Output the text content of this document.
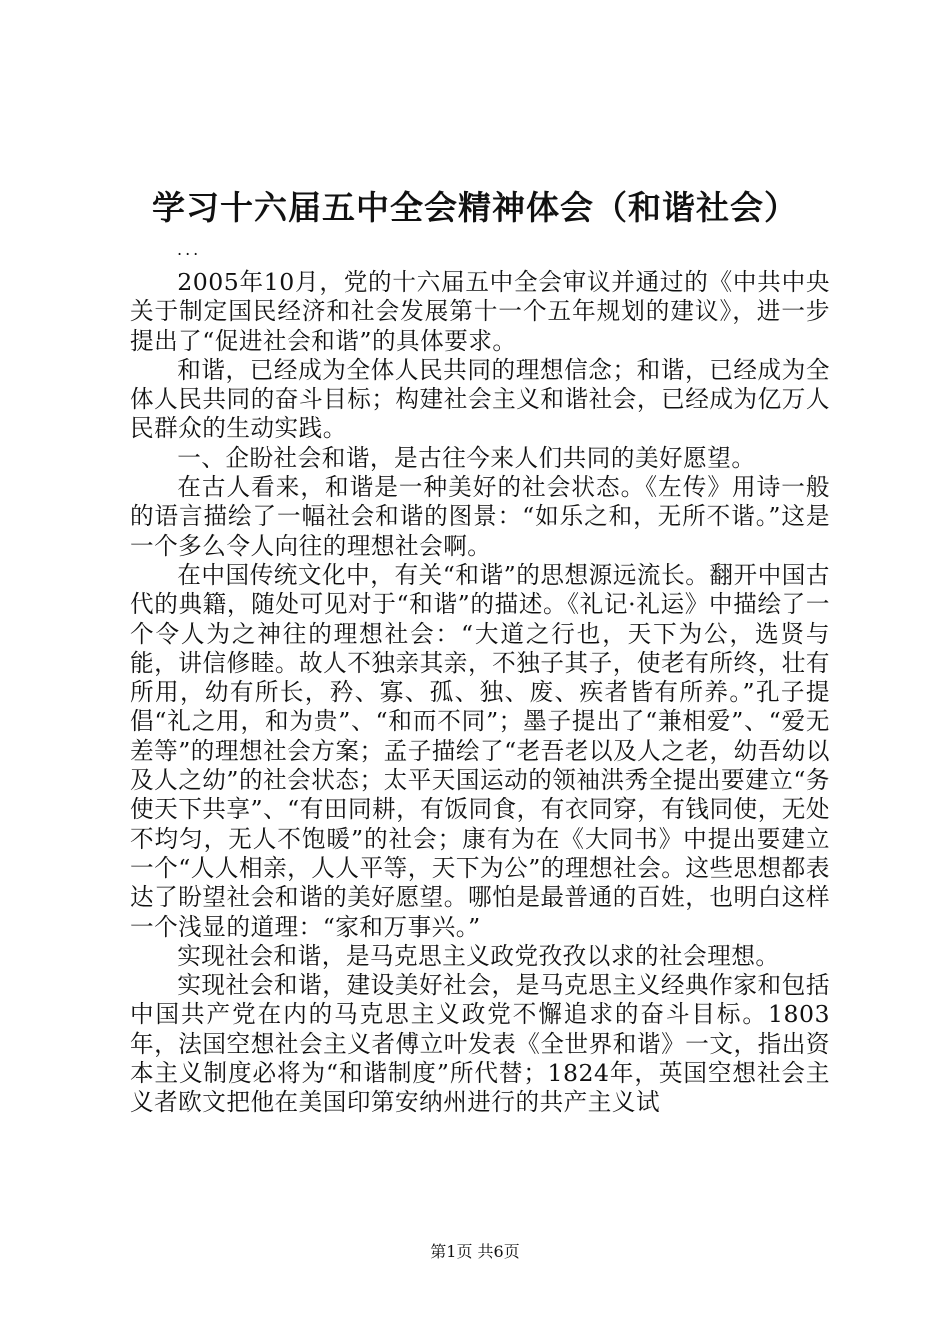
学习十六届五中全会精神体会（和谐社会）
...

2005年10月，党的十六届五中全会审议并通过的《中共中央关于制定国民经济和社会发展第十一个五年规划的建议》，进一步提出了“促进社会和谐”的具体要求。

和谐，已经成为全体人民共同的理想信念；和谐，已经成为全体人民共同的奋斗目标；构建社会主义和谐社会，已经成为亿万人民群众的生动实践。

一、企盼社会和谐，是古往今来人们共同的美好愿望。

在古人看来，和谐是一种美好的社会状态。《左传》用诗一般的语言描绘了一幅社会和谐的图景：“如乐之和，无所不谐。”这是一个多么令人向往的理想社会啊。

在中国传统文化中，有关“和谐”的思想源远流长。翻开中国古代的典籍，随处可见对于“和谐”的描述。《礼记·礼运》中描绘了一个令人为之神往的理想社会：“大道之行也，天下为公，选贤与能，讲信修睦。故人不独亲其亲，不独子其子，使老有所终，壮有所用，幼有所长，矜、寡、孤、独、废、疾者皆有所养。”孔子提倡“礼之用，和为贵”、“和而不同”；墨子提出了“兼相爱”、“爱无差等”的理想社会方案；孟子描绘了“老吾老以及人之老，幼吾幼以及人之幼”的社会状态；太平天国运动的领袖洪秀全提出要建立“务使天下共享”、“有田同耕，有饭同食，有衣同穿，有钱同使，无处不均匀，无人不饱暖”的社会；康有为在《大同书》中提出要建立一个“人人相亲，人人平等，天下为公”的理想社会。这些思想都表达了盼望社会和谐的美好愿望。哪怕是最普通的百姓，也明白这样一个浅显的道理：“家和万事兴。”

实现社会和谐，是马克思主义政党孜孜以求的社会理想。

实现社会和谐，建设美好社会，是马克思主义经典作家和包括中国共产党在内的马克思主义政党不懈追求的奋斗目标。1803年，法国空想社会主义者傅立叶发表《全世界和谐》一文，指出资本主义制度必将为“和谐制度”所代替；1824年，英国空想社会主义者欧文把他在美国印第安纳州进行的共产主义试

第1页 共6页
